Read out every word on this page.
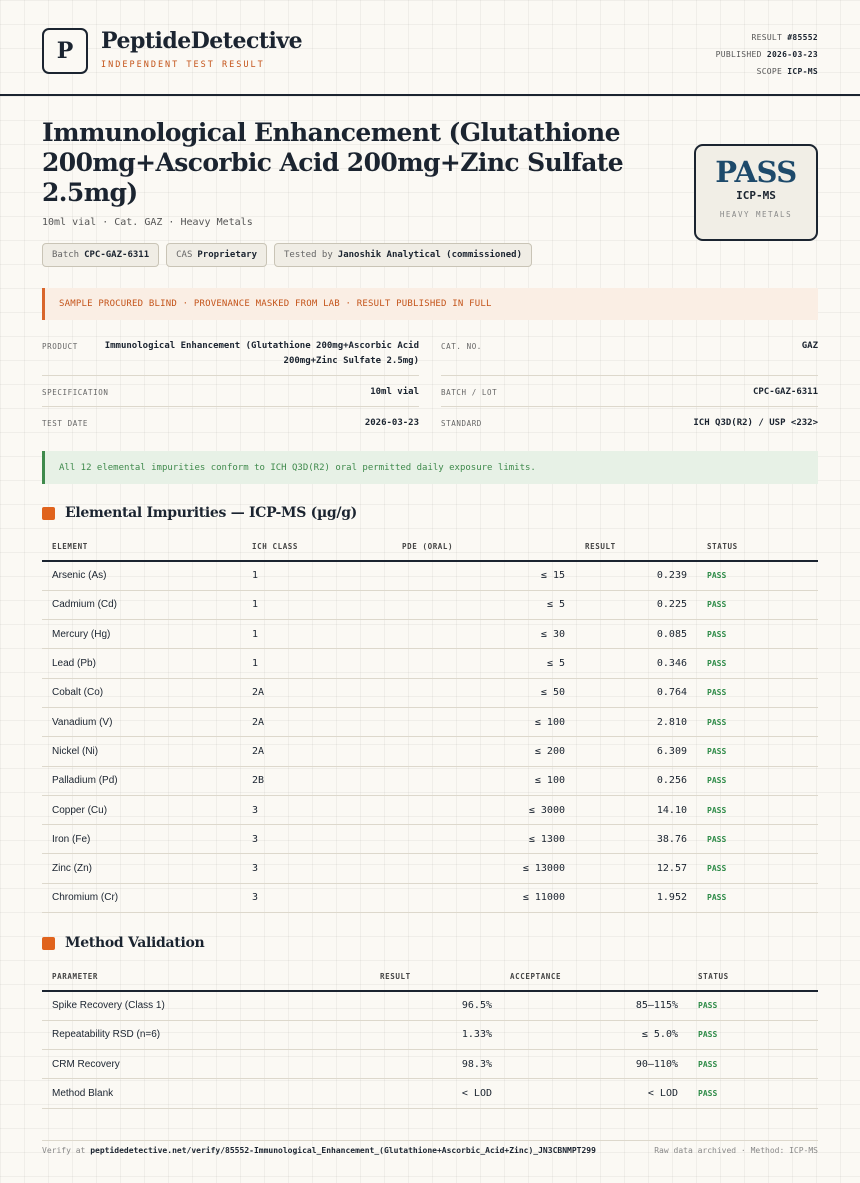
P	PeptideDetective
INDEPENDENT TEST RESULT
RESULT #85552
PUBLISHED 2026-03-23
SCOPE ICP-MS
Immunological Enhancement (Glutathione 200mg+Ascorbic Acid 200mg+Zinc Sulfate 2.5mg)
10ml vial · Cat. GAZ · Heavy Metals
PASS
ICP-MS
HEAVY METALS
Batch CPC-GAZ-6311	CAS Proprietary	Tested by Janoshik Analytical (commissioned)
SAMPLE PROCURED BLIND · PROVENANCE MASKED FROM LAB · RESULT PUBLISHED IN FULL
PRODUCT	Immunological Enhancement (Glutathione 200mg+Ascorbic Acid 200mg+Zinc Sulfate 2.5mg)
CAT. NO.	GAZ
SPECIFICATION	10ml vial	BATCH / LOT	CPC-GAZ-6311
TEST DATE	2026-03-23	STANDARD	ICH Q3D(R2) / USP <232>
All 12 elemental impurities conform to ICH Q3D(R2) oral permitted daily exposure limits.
Elemental Impurities — ICP-MS (µg/g)
ELEMENT	ICH CLASS	PDE (ORAL)	RESULT	STATUS
Arsenic (As)	1	≤ 15	0.239	PASS
Cadmium (Cd)	1	≤ 5	0.225	PASS
Mercury (Hg)	1	≤ 30	0.085	PASS
Lead (Pb)	1	≤ 5	0.346	PASS
Cobalt (Co)	2A	≤ 50	0.764	PASS
Vanadium (V)	2A	≤ 100	2.810	PASS
Nickel (Ni)	2A	≤ 200	6.309	PASS
Palladium (Pd)	2B	≤ 100	0.256	PASS
Copper (Cu)	3	≤ 3000	14.10	PASS
Iron (Fe)	3	≤ 1300	38.76	PASS
Zinc (Zn)	3	≤ 13000	12.57	PASS
Chromium (Cr)	3	≤ 11000	1.952	PASS
Method Validation
PARAMETER	RESULT	ACCEPTANCE	STATUS
Spike Recovery (Class 1)	96.5%	85–115%	PASS
Repeatability RSD (n=6)	1.33%	≤ 5.0%	PASS
CRM Recovery	98.3%	90–110%	PASS
Method Blank	< LOD	< LOD	PASS
Verify at peptidedetective.net/verify/85552-Immunological_Enhancement_(Glutathione+Ascorbic_Acid+Zinc)_JN3CBNMPT299	Raw data archived · Method: ICP-MS
